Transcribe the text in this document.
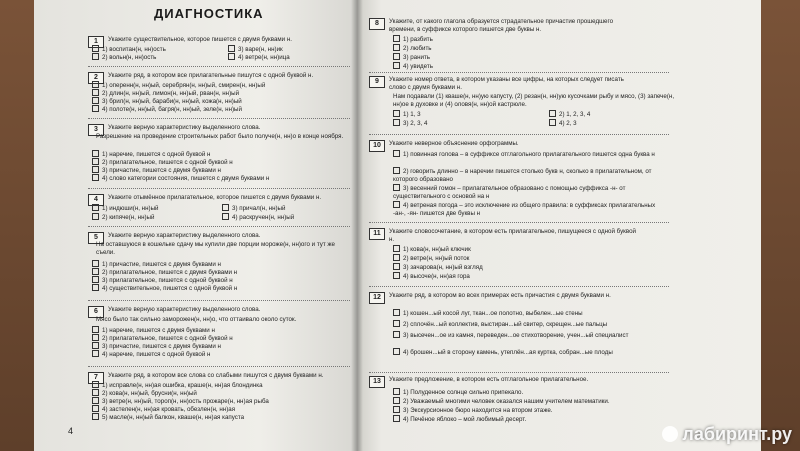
ДИАГНОСТИКА
1	Укажите существительное, которое пишется с двумя буквами н.
1) воспитан(н, нн)ость
2) вольн(н, нн)ость
3) варе(н, нн)ик
4) ветре(н, нн)ица
2	Укажите ряд, в котором все прилагательные пишутся с одной буквой н.
1) оперенн(н, нн)ый, серебрян(н, нн)ый, смирен(н, нн)ый
2) длин(н, нн)ый, лимон(н, нн)ый, рван(н, нн)ый
3) брил(н, нн)ый, бараби(н, нн)ый, кожа(н, нн)ый
4) полоте(н, нн)ый, багря(н, нн)ый, зеле(н, нн)ый
3	Укажите верную характеристику выделенного слова.
Разрешение на проведение строительных работ было получе(н, нн)о в конце ноября.
1) наречие, пишется с одной буквой н
2) прилагательное, пишется с одной буквой н
3) причастие, пишется с двумя буквами н
4) слово категории состояния, пишется с двумя буквами н
4	Укажите отымённое прилагательное, которое пишется с двумя буквами н.
1) индюши(н, нн)ый
2) кипяче(н, нн)ый
3) причал(н, нн)ый
4) раскручен(н, нн)ый
5	Укажите верную характеристику выделенного слова.
На оставшуюся в кошельке сдачу мы купили две порции мороже(н, нн)ого и тут же съели.
1) причастие, пишется с двумя буквами н
2) прилагательное, пишется с двумя буквами н
3) прилагательное, пишется с одной буквой н
4) существительное, пишется с одной буквой н
6	Укажите верную характеристику выделенного слова.
Мясо было так сильно заморожен(н, нн)о, что оттаивало около суток.
1) наречие, пишется с двумя буквами н
2) прилагательное, пишется с одной буквой н
3) причастие, пишется с двумя буквами н
4) наречие, пишется с одной буквой н
7	Укажите ряд, в котором все слова со слабыми пишутся с двумя буквами н.
1) исправле(н, нн)ая ошибка, краше(н, нн)ая блондинка
2) кова(н, нн)ый, брусни(н, нн)ый
3) ветре(н, нн)ый, тороп(н, нн)ость прожаре(н, нн)ая рыба
4) застелен(н, нн)ая кровать, обезлен(н, нн)ая
5) масле(н, нн)ый балкон, кваше(н, нн)ая капуста
4
8	Укажите, от какого глагола образуется страдательное причастие прошедшего времени, в суффиксе которого пишется две буквы н.
1) разбить
2) любить
3) ранить
4) увидеть
9	Укажите номер ответа, в котором указаны все цифры, на которых следует писать слово с двумя буквами н.
Нам подавали (1) кваше(н, нн)ую капусту, (2) резан(н, нн)ую кусочками рыбу и мясо, (3) запече(н, нн)ое в духовке и (4) оловя(н, нн)ой кастрюле.
1) 1, 3
3) 2, 3, 4
2) 1, 2, 3, 4
4) 2, 3
10	Укажите неверное объяснение орфограммы.
1) повинная голова – в суффиксе отглагольного прилагательного пишется одна буква н
2) говорить длинно – в наречии пишется столько букв н, сколько в прилагательном, от которого образовано
3) весенний гомон – прилагательное образовано с помощью суффикса -н- от существительного с основой на н
4) ветреная погода – это исключение из общего правила: в суффиксах прилагательных -ан-, -ян- пишется две буквы н
11	Укажите словосочетание, в котором есть прилагательное, пишущееся с одной буквой н.
1) кова(н, нн)ый ключик
2) ветре(н, нн)ый поток
3) зачарова(н, нн)ый взгляд
4) высоче(н, нн)ая гора
12	Укажите ряд, в котором во всех примерах есть причастия с двумя буквами н.
1) кошен...ый косой луг, ткан...ое полотно, выбелен...ые стены
2) сплочён...ый коллектив, выстиран...ый свитер, скрещен...ые пальцы
3) высечен...ое из камня, переведен...ое стихотворение, учен...ый специалист
4) брошен...ый в сторону камень, утеплён...ая куртка, собран...ые плоды
13	Укажите предложение, в котором есть отглагольное прилагательное.
1) Полуденное солнце сильно припекало.
2) Уважаемый многими человек оказался нашим учителем математики.
3) Экскурсионное бюро находится на втором этаже.
4) Печёное яблоко – мой любимый десерт.
лабиринт.ру
